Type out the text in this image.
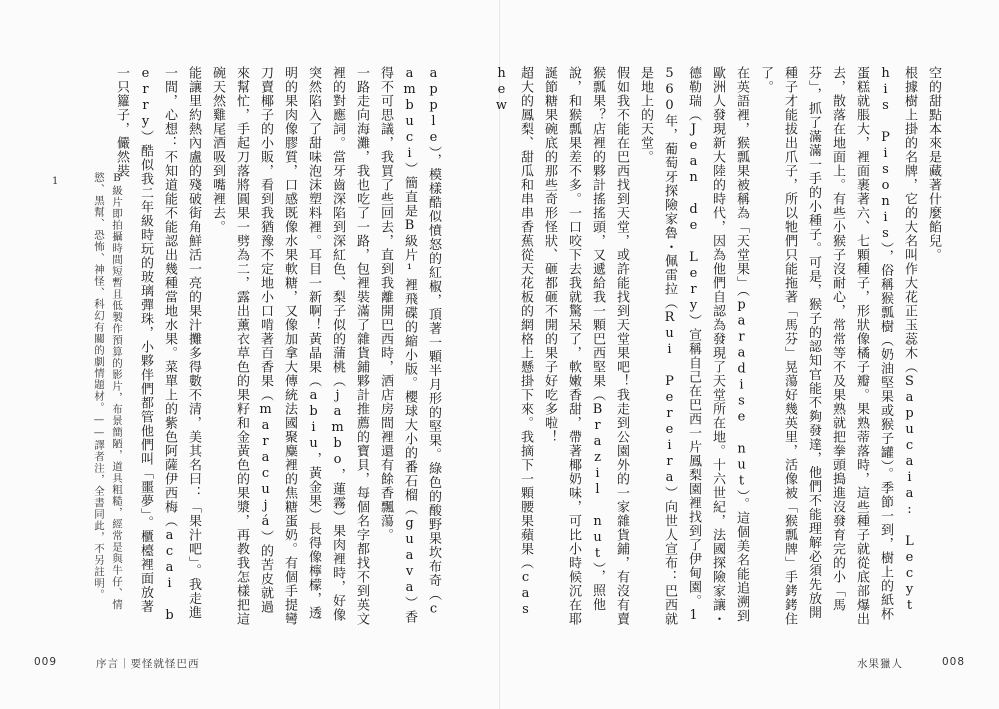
apple），模樣酷似憤怒的紅椒，頂著一顆半月形的堅果。綠色的酸野果坎布奇（cambuci）簡直是B級片¹裡飛碟的縮小版。櫻球大小的番石榴（guava）香得不可思議，我買了些回去，直到我離開巴西時，酒店房間裡還有餘香飄蕩。

一路走向海灘，我也吃了一路，包裡裝滿了雜貨鋪夥計推薦的寶貝，每個名字都找不到英文裡的對應詞。當牙齒深陷到深紅色、梨子似的蒲桃（jambo，蓮霧）果肉裡時，好像突然陷入了甜味泡沫塑料裡。耳目一新啊！黃晶果（abiu，黃金果）長得像檸檬，透明的果肉像膠質，口感既像水果軟糖，又像加拿大傳統法國聚麋裡的焦糖蛋奶。有個手提彎刀賣椰子的小販，看到我猶豫不定地小口啃著百香果（maracujá）的苦皮就過來幫忙，手起刀落將圓果一劈為二，露出薰衣草色的果籽和金黃色的果漿，再教我怎樣把這碗天然雞尾酒吸到嘴裡去。

能讓里約熱內盧的殘破街角鮮活一亮的果汁攤多得數不清，美其名曰：「果汁吧」。我走進一間，心想：不知道能不能認出幾種當地水果。菜單上的紫色阿薩伊西梅（acai berry）酷似我二年級時玩的玻璃彈珠，小夥伴們都管他們叫「噩夢」。櫃檯裡面放著一只籮子，儼然裝

1	B級片即拍攝時間短暫且低製作預算的影片，布景簡陋，道具粗糙，經常是與牛仔、情慾、黑幫、恐怖、神怪、科幻有關的劇情題材。——譯者注，全書同此，不另註明。

009	序言｜要怪就怪巴西

空的甜點本來是藏著什麼餡兒。

根據樹上掛的名牌，它的大名叫作大花正玉蕊木（Sapucaia: Lecythis Pisonis），俗稱猴瓢樹（奶油堅果或猴子罐）。季節一到，樹上的紙杯蛋糕就脹大，裡面裹著六、七顆種子，形狀像橘子瓣。果熟蒂落時，這些種子就從底部爆出去，散落在地面上。有些小猴子沒耐心，常常等不及果熟就把拳頭搗進沒發育完的小「馬芬」，抓了滿滿一手的小種子。可是，猴子的認知官能不夠發達，他們不能理解必須先放開種子才能拔出爪子，所以牠們只能拖著「馬芬」晃蕩好幾英里，活像被「猴瓢牌」手銬銬住了。

在英語裡，猴瓢果被稱為「天堂果」（paradise nut）。這個美名能追溯到歐洲人發現新大陸的時代，因為他們自認為發現了天堂所在地。十六世紀，法國探險家讓・德勒瑞（Jean de Lery）宣稱自己在巴西一片鳳梨園裡找到了伊甸園。1560年，葡萄牙探險家魯・佩雷拉（Rui Pereira）向世人宣布：巴西就是地上的天堂。

假如我不能在巴西找到天堂，或許能找到天堂果吧！我走到公園外的一家雜貨鋪，有沒有賣猴瓢果？店裡的夥計搖搖頭，又遞給我一顆巴西堅果（Brazil nut），照他說，和猴瓢果差不多。一口咬下去我就驚呆了，軟嫩香甜，帶著椰奶味，可比小時候沉在耶誕節糖果碗底的那些奇形怪狀、砸都砸不開的果子好吃多啦！

超大的鳳梨、甜瓜和串串香蕉從天花板的網格上懸掛下來。我摘下一顆腰果蘋果（cashew

水果獵人	008
